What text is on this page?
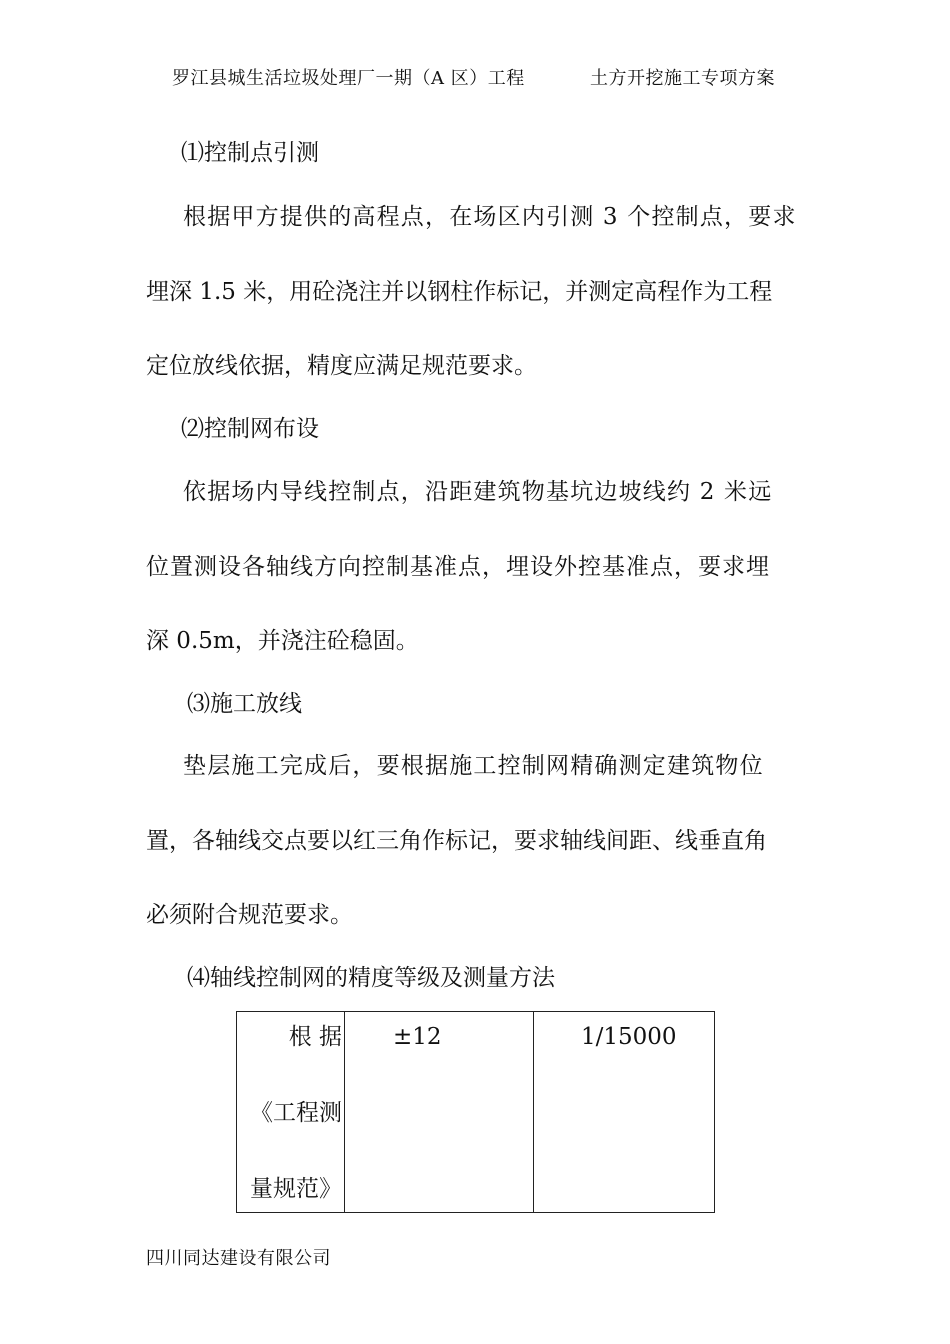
罗江县城生活垃圾处理厂一期（A 区）工程	土方开挖施工专项方案
⑴控制点引测
根据甲方提供的高程点，在场区内引测 3 个控制点，要求
埋深 1.5 米，用砼浇注并以钢柱作标记，并测定高程作为工程
定位放线依据，精度应满足规范要求。
⑵控制网布设
依据场内导线控制点，沿距建筑物基坑边坡线约 2 米远
位置测设各轴线方向控制基准点，埋设外控基准点，要求埋
深 0.5m，并浇注砼稳固。
⑶施工放线
垫层施工完成后，要根据施工控制网精确测定建筑物位
置，各轴线交点要以红三角作标记，要求轴线间距、线垂直角
必须附合规范要求。
⑷轴线控制网的精度等级及测量方法
根 据
《工程测
量规范》

±12	1/15000
四川同达建设有限公司
